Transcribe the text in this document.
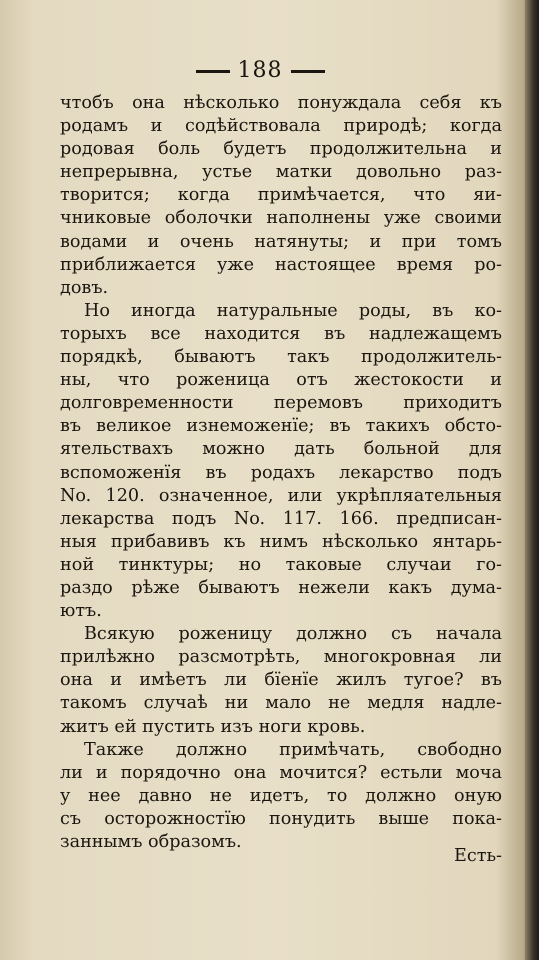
188
чтобъ она нѣсколько понуждала себя къ
родамъ и содѣйствовала природѣ; когда
родовая боль будетъ продолжительна и
непрерывна, устье матки довольно раз-
творится; когда примѣчается, что яи-
чниковые оболочки наполнены уже своими
водами и очень натянуты; и при томъ
приближается уже настоящее время ро-
довъ.
Но иногда натуральные роды, въ ко-
торыхъ все находится въ надлежащемъ
порядкѣ, бываютъ такъ продолжитель-
ны, что роженица отъ жестокости и
долговременности перемовъ приходитъ
въ великое изнеможенїе; въ такихъ обсто-
ятельствахъ можно дать больной для
вспоможенїя въ родахъ лекарство подъ
No. 120. означенное, или укрѣпляательныя
лекарства подъ No. 117. 166. предписан-
ныя прибавивъ къ нимъ нѣсколько янтарь-
ной тинктуры; но таковые случаи го-
раздо рѣже бываютъ нежели какъ дума-
ютъ.
Всякую роженицу должно съ начала
прилѣжно разсмотрѣть, многокровная ли
она и имѣетъ ли бїенїе жилъ тугое? въ
такомъ случаѣ ни мало не медля надле-
житъ ей пустить изъ ноги кровь.
Также должно примѣчать, свободно
ли и порядочно она мочится? естьли моча
у нее давно не идетъ, то должно оную
съ осторожностїю понудить выше пока-
заннымъ образомъ.
Есть-
